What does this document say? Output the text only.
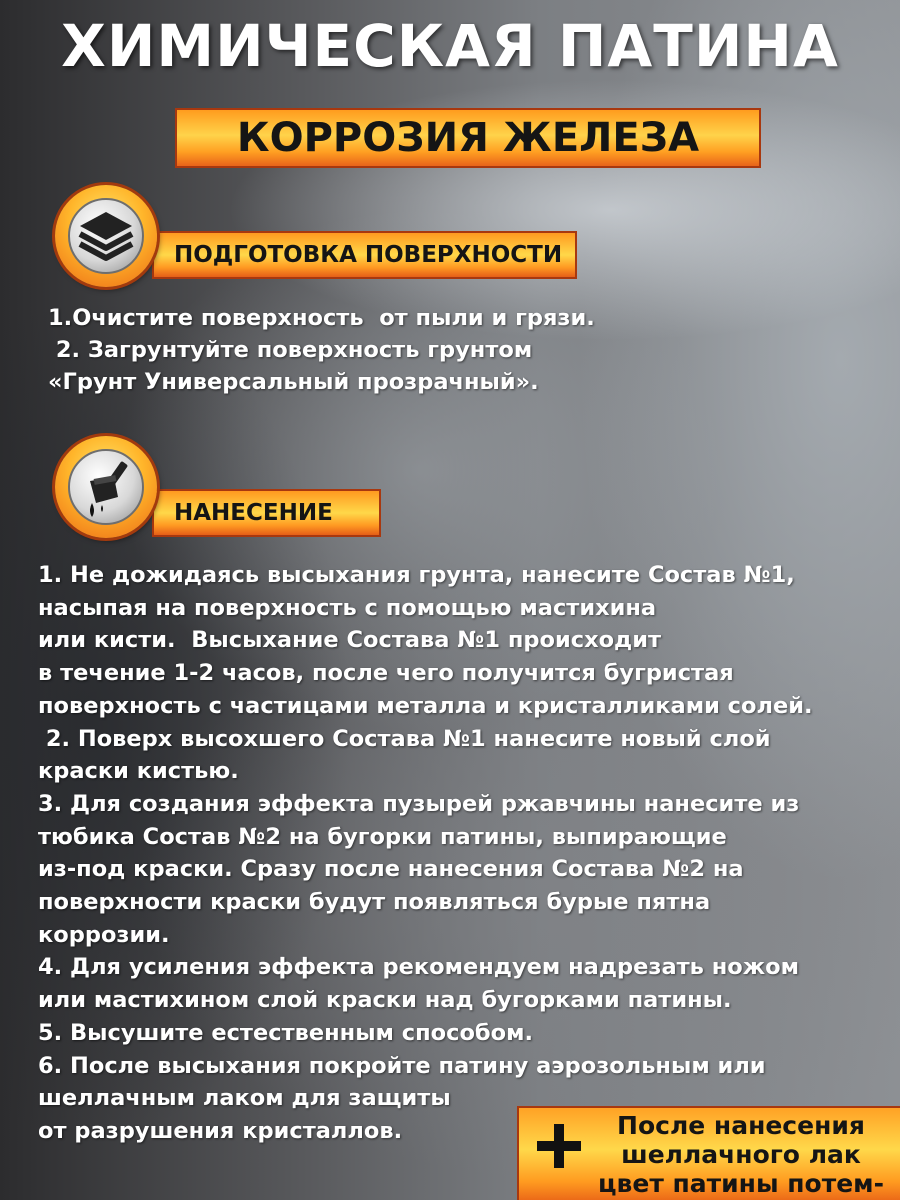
ХИМИЧЕСКАЯ ПАТИНА
КОРРОЗИЯ ЖЕЛЕЗА
ПОДГОТОВКА ПОВЕРХНОСТИ
1.Очистите поверхность  от пыли и грязи.
2. Загрунтуйте поверхность грунтом
«Грунт Универсальный прозрачный».
НАНЕСЕНИЕ
1. Не дожидаясь высыхания грунта, нанесите Состав №1,
насыпая на поверхность с помощью мастихина
или кисти.  Высыхание Состава №1 происходит
в течение 1-2 часов, после чего получится бугристая
поверхность с частицами металла и кристалликами солей.
2. Поверх высохшего Состава №1 нанесите новый слой
краски кистью.
3. Для создания эффекта пузырей ржавчины нанесите из
тюбика Состав №2 на бугорки патины, выпирающие
из-под краски. Сразу после нанесения Состава №2 на
поверхности краски будут появляться бурые пятна
коррозии.
4. Для усиления эффекта рекомендуем надрезать ножом
или мастихином слой краски над бугорками патины.
5. Высушите естественным способом.
6. После высыхания покройте патину аэрозольным или
шеллачным лаком для защиты
от разрушения кристаллов.	После нанесения
шеллачного лак
цвет патины потем-
